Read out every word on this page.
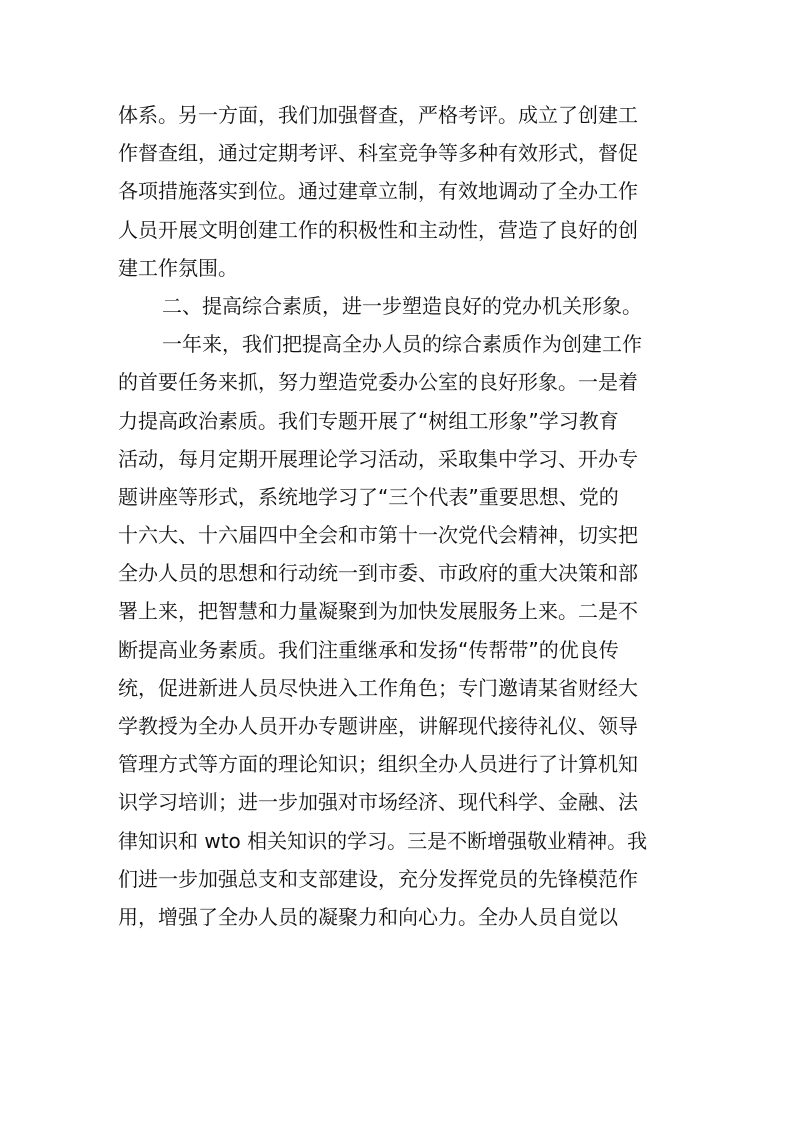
体系。另一方面，我们加强督查，严格考评。成立了创建工
作督查组，通过定期考评、科室竞争等多种有效形式，督促
各项措施落实到位。通过建章立制，有效地调动了全办工作
人员开展文明创建工作的积极性和主动性，营造了良好的创
建工作氛围。
二、提高综合素质，进一步塑造良好的党办机关形象。
一年来，我们把提高全办人员的综合素质作为创建工作
的首要任务来抓，努力塑造党委办公室的良好形象。一是着
力提高政治素质。我们专题开展了“树组工形象”学习教育
活动，每月定期开展理论学习活动，采取集中学习、开办专
题讲座等形式，系统地学习了“三个代表”重要思想、党的
十六大、十六届四中全会和市第十一次党代会精神，切实把
全办人员的思想和行动统一到市委、市政府的重大决策和部
署上来，把智慧和力量凝聚到为加快发展服务上来。二是不
断提高业务素质。我们注重继承和发扬“传帮带”的优良传
统，促进新进人员尽快进入工作角色；专门邀请某省财经大
学教授为全办人员开办专题讲座，讲解现代接待礼仪、领导
管理方式等方面的理论知识；组织全办人员进行了计算机知
识学习培训；进一步加强对市场经济、现代科学、金融、法
律知识和 wto 相关知识的学习。三是不断增强敬业精神。我
们进一步加强总支和支部建设，充分发挥党员的先锋模范作
用，增强了全办人员的凝聚力和向心力。全办人员自觉以
